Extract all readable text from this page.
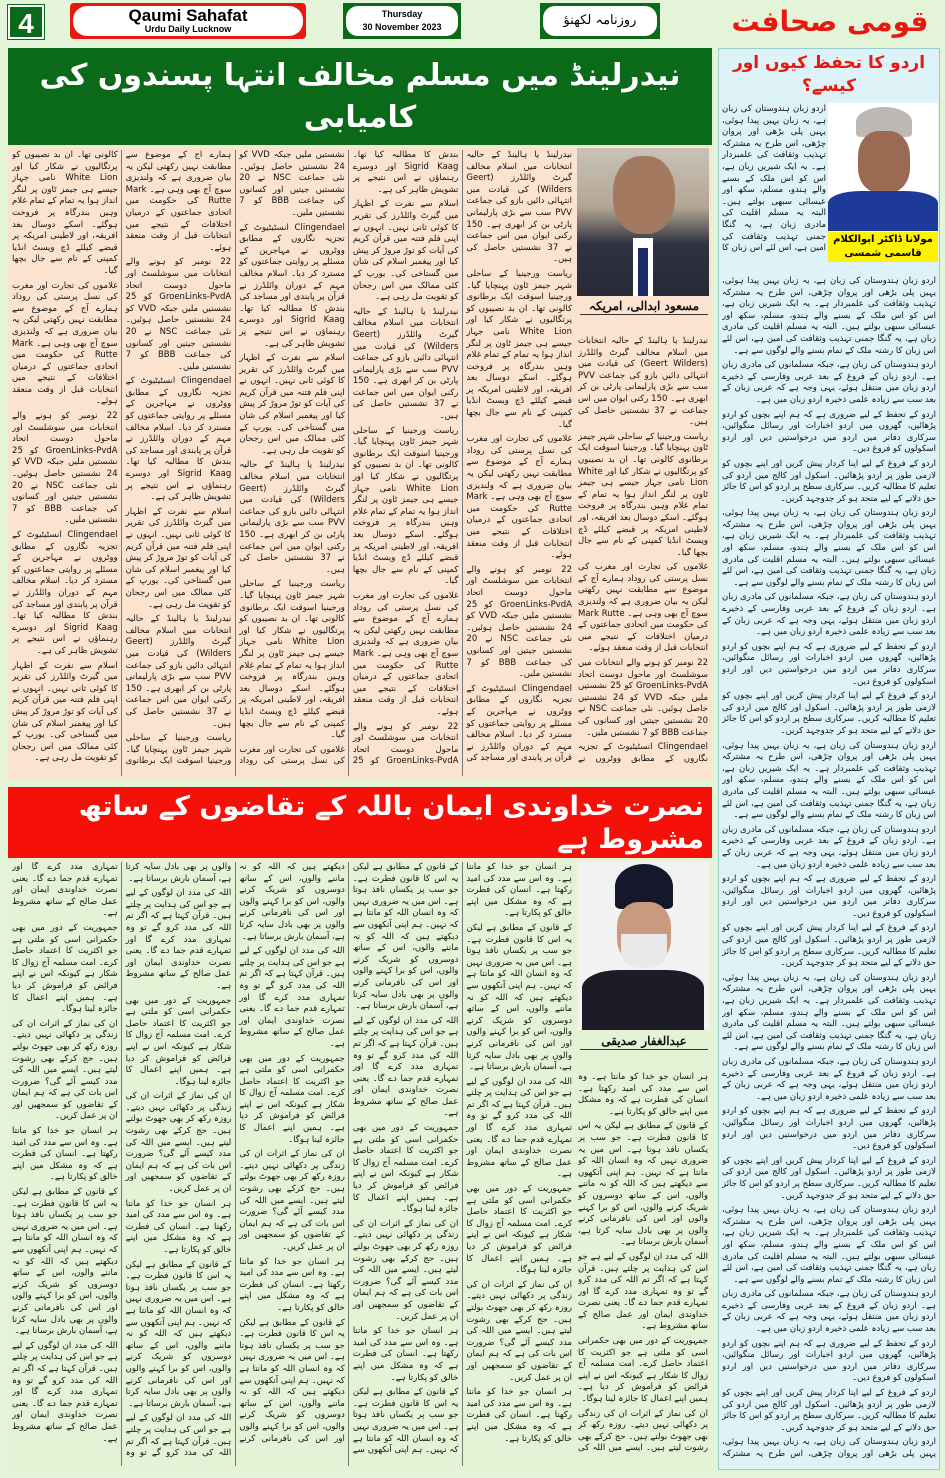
4	Qaumi Sahafat
Urdu Daily Lucknow
Thursday
30 November 2023	روزنامہ لکھنؤ	قومی صحافت
نیدرلینڈ میں مسلم مخالف انتہا پسندوں کی کامیابی
مسعود ابدالی، امریکہ

نیدرلینڈ یا ہالینڈ کے حالیہ انتخابات میں اسلام مخالف گیرٹ وائلڈرز (Geert Wilders) کی قیادت میں انتہائی دائیں بازو کی جماعت PVV سب سے بڑی پارلیمانی پارٹی بن کر ابھری ہے۔ 150 رکنی ایوان میں اس جماعت نے 37 نشستیں حاصل کی ہیں۔

ریاست ورجینیا کے ساحلی شہر جیمز ٹاون پہنچایا گیا۔ ورجینیا اسوقت ایک برطانوی کالونی تھا۔ ان بد نصیبوں کو پرتگالیوں نے شکار کیا اور White Lion نامی جہاز جیسے ہی جیمز ٹاون پر لنگر انداز ہوا یہ تمام کے تمام غلام وہیں بندرگاہ پر فروخت ہوگئے۔ اسکے دوسال بعد افریقہ، اور لاطینی امریکہ پر قبضے کیلئے ڈچ ویسٹ انڈیا کمپنی کے نام سے جال بچھا گیا۔

غلاموں کی تجارت اور مغرب کی نسل پرستی کی روداد ہمارے آج کے موضوع سے مطابقت نہیں رکھتی لیکن یہ بیان ضروری ہے کہ ولندیزی سوچ آج بھی وہی ہے۔ Mark Rutte کی حکومت میں اتحادی جماعتوں کے درمیان اختلافات کے نتیجے میں انتخابات قبل از وقت منعقد ہوئے۔

22 نومبر کو ہونے والے انتخابات میں سوشلسٹ اور ماحول دوست اتحاد GroenLinks-PvdA کو 25 نشستیں ملیں جبکہ VVD کو 24 نشستیں حاصل ہوئیں۔ نئی جماعت NSC نے 20 نشستیں جیتیں اور کسانوں کی جماعت BBB کو 7 نشستیں ملیں۔

Clingendael انسٹیٹیوٹ کے تجزیہ نگاروں کے مطابق ووٹروں نے

نیدرلینڈ یا ہالینڈ کے حالیہ انتخابات میں اسلام مخالف گیرٹ وائلڈرز (Geert Wilders) کی قیادت میں انتہائی دائیں بازو کی جماعت PVV سب سے بڑی پارلیمانی پارٹی بن کر ابھری ہے۔ 150 رکنی ایوان میں اس جماعت نے 37 نشستیں حاصل کی ہیں۔

ریاست ورجینیا کے ساحلی شہر جیمز ٹاون پہنچایا گیا۔ ورجینیا اسوقت ایک برطانوی کالونی تھا۔ ان بد نصیبوں کو پرتگالیوں نے شکار کیا اور White Lion نامی جہاز جیسے ہی جیمز ٹاون پر لنگر انداز ہوا یہ تمام کے تمام غلام وہیں بندرگاہ پر فروخت ہوگئے۔ اسکے دوسال بعد افریقہ، اور لاطینی امریکہ پر قبضے کیلئے ڈچ ویسٹ انڈیا کمپنی کے نام سے جال بچھا گیا۔

غلاموں کی تجارت اور مغرب کی نسل پرستی کی روداد ہمارے آج کے موضوع سے مطابقت نہیں رکھتی لیکن یہ بیان ضروری ہے کہ ولندیزی سوچ آج بھی وہی ہے۔ Mark Rutte کی حکومت میں اتحادی جماعتوں کے درمیان اختلافات کے نتیجے میں انتخابات قبل از وقت منعقد ہوئے۔

22 نومبر کو ہونے والے انتخابات میں سوشلسٹ اور ماحول دوست اتحاد GroenLinks-PvdA کو 25 نشستیں ملیں جبکہ VVD کو 24 نشستیں حاصل ہوئیں۔ نئی جماعت NSC نے 20 نشستیں جیتیں اور کسانوں کی جماعت BBB کو 7 نشستیں ملیں۔

Clingendael انسٹیٹیوٹ کے تجزیہ نگاروں کے مطابق ووٹروں نے مہاجرین کے مسئلے پر روایتی جماعتوں کو مسترد کر دیا۔ اسلام مخالف مہم کے دوران وائلڈرز نے قرآن پر پابندی اور مساجد کی بندش کا مطالبہ کیا تھا۔ Sigrid Kaag اور دوسرے رہنماؤں نے اس نتیجے پر تشویش ظاہر کی ہے۔

اسلام سے نفرت کے اظہار میں گیرٹ وائلڈرز کی تقریر کا کوئی ثانی نہیں۔ انہوں نے اپنی فلم فتنہ میں قرآن کریم کی آیات کو توڑ مروڑ کر پیش کیا اور پیغمبر اسلام کی شان میں گستاخی کی۔ یورپ کے کئی ممالک میں اس رجحان کو تقویت مل رہی ہے۔

نیدرلینڈ یا ہالینڈ کے حالیہ انتخابات میں اسلام مخالف گیرٹ وائلڈرز (Geert Wilders) کی قیادت میں انتہائی دائیں بازو کی جماعت PVV سب سے بڑی پارلیمانی پارٹی بن کر ابھری ہے۔ 150 رکنی ایوان میں اس جماعت نے 37 نشستیں حاصل کی ہیں۔

ریاست ورجینیا کے ساحلی شہر جیمز ٹاون پہنچایا گیا۔ ورجینیا اسوقت ایک برطانوی کالونی تھا۔ ان بد نصیبوں کو پرتگالیوں نے شکار کیا اور White Lion نامی جہاز جیسے ہی جیمز ٹاون پر لنگر انداز ہوا یہ تمام کے تمام غلام وہیں بندرگاہ پر فروخت ہوگئے۔ اسکے دوسال بعد افریقہ، اور لاطینی امریکہ پر قبضے کیلئے ڈچ ویسٹ انڈیا کمپنی کے نام سے جال بچھا گیا۔

غلاموں کی تجارت اور مغرب کی نسل پرستی کی روداد ہمارے آج کے موضوع سے مطابقت نہیں رکھتی لیکن یہ بیان ضروری ہے کہ ولندیزی سوچ آج بھی وہی ہے۔ Mark Rutte کی حکومت میں اتحادی جماعتوں کے درمیان اختلافات کے نتیجے میں انتخابات قبل از وقت منعقد ہوئے۔

22 نومبر کو ہونے والے انتخابات میں سوشلسٹ اور ماحول دوست اتحاد GroenLinks-PvdA کو 25 نشستیں ملیں جبکہ VVD کو 24 نشستیں حاصل ہوئیں۔ نئی جماعت NSC نے 20 نشستیں جیتیں اور کسانوں کی جماعت BBB کو 7 نشستیں ملیں۔

Clingendael انسٹیٹیوٹ کے تجزیہ نگاروں کے مطابق ووٹروں نے مہاجرین کے مسئلے پر روایتی جماعتوں کو مسترد کر دیا۔ اسلام مخالف مہم کے دوران وائلڈرز نے قرآن پر پابندی اور مساجد کی بندش کا مطالبہ کیا تھا۔ Sigrid Kaag اور دوسرے رہنماؤں نے اس نتیجے پر تشویش ظاہر کی ہے۔

اسلام سے نفرت کے اظہار میں گیرٹ وائلڈرز کی تقریر کا کوئی ثانی نہیں۔ انہوں نے اپنی فلم فتنہ میں قرآن کریم کی آیات کو توڑ مروڑ کر پیش کیا اور پیغمبر اسلام کی شان میں گستاخی کی۔ یورپ کے کئی ممالک میں اس رجحان کو تقویت مل رہی ہے۔

نیدرلینڈ یا ہالینڈ کے حالیہ انتخابات میں اسلام مخالف گیرٹ وائلڈرز (Geert Wilders) کی قیادت میں انتہائی دائیں بازو کی جماعت PVV سب سے بڑی پارلیمانی پارٹی بن کر ابھری ہے۔ 150 رکنی ایوان میں اس جماعت نے 37 نشستیں حاصل کی ہیں۔

ریاست ورجینیا کے ساحلی شہر جیمز ٹاون پہنچایا گیا۔ ورجینیا اسوقت ایک برطانوی کالونی تھا۔ ان بد نصیبوں کو پرتگالیوں نے شکار کیا اور White Lion نامی جہاز جیسے ہی جیمز ٹاون پر لنگر انداز ہوا یہ تمام کے تمام غلام وہیں بندرگاہ پر فروخت ہوگئے۔ اسکے دوسال بعد افریقہ، اور لاطینی امریکہ پر قبضے کیلئے ڈچ ویسٹ انڈیا کمپنی کے نام سے جال بچھا گیا۔

غلاموں کی تجارت اور مغرب کی نسل پرستی کی روداد ہمارے آج کے موضوع سے مطابقت نہیں رکھتی لیکن یہ بیان ضروری ہے کہ ولندیزی سوچ آج بھی وہی ہے۔ Mark Rutte کی حکومت میں اتحادی جماعتوں کے درمیان اختلافات کے نتیجے میں انتخابات قبل از وقت منعقد ہوئے۔

22 نومبر کو ہونے والے انتخابات میں سوشلسٹ اور ماحول دوست اتحاد GroenLinks-PvdA کو 25 نشستیں ملیں جبکہ VVD کو 24 نشستیں حاصل ہوئیں۔ نئی جماعت NSC نے 20 نشستیں جیتیں اور کسانوں کی جماعت BBB کو 7 نشستیں ملیں۔

Clingendael انسٹیٹیوٹ کے تجزیہ نگاروں کے مطابق ووٹروں نے مہاجرین کے مسئلے پر روایتی جماعتوں کو مسترد کر دیا۔ اسلام مخالف مہم کے دوران وائلڈرز نے قرآن پر پابندی اور مساجد کی بندش کا مطالبہ کیا تھا۔ Sigrid Kaag اور دوسرے رہنماؤں نے اس نتیجے پر تشویش ظاہر کی ہے۔

اسلام سے نفرت کے اظہار میں گیرٹ وائلڈرز کی تقریر کا کوئی ثانی نہیں۔ انہوں نے اپنی فلم فتنہ میں قرآن کریم کی آیات کو توڑ مروڑ کر پیش کیا اور پیغمبر اسلام کی شان میں گستاخی کی۔ یورپ کے کئی ممالک میں اس رجحان کو تقویت مل رہی ہے۔

نیدرلینڈ یا ہالینڈ کے حالیہ انتخابات میں اسلام مخالف گیرٹ وائلڈرز (Geert Wilders) کی قیادت میں انتہائی دائیں بازو کی جماعت PVV سب سے بڑی پارلیمانی پارٹی بن کر ابھری ہے۔ 150 رکنی ایوان میں اس جماعت نے 37 نشستیں حاصل کی ہیں۔

ریاست ورجینیا کے ساحلی شہر جیمز ٹاون پہنچایا گیا۔ ورجینیا اسوقت ایک برطانوی کالونی تھا۔ ان بد نصیبوں کو پرتگالیوں نے شکار کیا اور White Lion نامی جہاز جیسے ہی جیمز ٹاون پر لنگر انداز ہوا یہ تمام کے تمام غلام وہیں بندرگاہ پر فروخت ہوگئے۔ اسکے دوسال بعد افریقہ، اور لاطینی امریکہ پر قبضے کیلئے ڈچ ویسٹ انڈیا کمپنی کے نام سے جال بچھا گیا۔

غلاموں کی تجارت اور مغرب کی نسل پرستی کی روداد ہمارے آج کے موضوع سے مطابقت نہیں رکھتی لیکن یہ بیان ضروری ہے کہ ولندیزی سوچ آج بھی وہی ہے۔ Mark Rutte کی حکومت میں اتحادی جماعتوں کے درمیان اختلافات کے نتیجے میں انتخابات قبل از وقت منعقد ہوئے۔

22 نومبر کو ہونے والے انتخابات میں سوشلسٹ اور ماحول دوست اتحاد GroenLinks-PvdA کو 25 نشستیں ملیں جبکہ VVD کو 24 نشستیں حاصل ہوئیں۔ نئی جماعت NSC نے 20 نشستیں جیتیں اور کسانوں کی جماعت BBB کو 7 نشستیں ملیں۔

Clingendael انسٹیٹیوٹ کے تجزیہ نگاروں کے مطابق ووٹروں نے مہاجرین کے مسئلے پر روایتی جماعتوں کو مسترد کر دیا۔ اسلام مخالف مہم کے دوران وائلڈرز نے قرآن پر پابندی اور مساجد کی بندش کا مطالبہ کیا تھا۔ Sigrid Kaag اور دوسرے رہنماؤں نے اس نتیجے پر تشویش ظاہر کی ہے۔

اسلام سے نفرت کے اظہار میں گیرٹ وائلڈرز کی تقریر کا کوئی ثانی نہیں۔ انہوں نے اپنی فلم فتنہ میں قرآن کریم کی آیات کو توڑ مروڑ کر پیش کیا اور پیغمبر اسلام کی شان میں گستاخی کی۔ یورپ کے کئی ممالک میں اس رجحان کو تقویت مل رہی ہے۔

نصرت خداوندی ایمان باللہ کے تقاضوں کے ساتھ مشروط ہے
عبدالغفار صدیقی

ہر انسان جو خدا کو مانتا ہے۔ وہ اس سے مدد کی امید رکھتا ہے۔ انسان کی فطرت ہے کہ وہ مشکل میں اپنے خالق کو پکارتا ہے۔

کے قانون کے مطابق ہے لیکن یہ اس کا قانون فطرت ہے۔ جو سب پر یکساں نافذ ہوتا ہے۔ اس میں یہ ضروری نہیں کہ وہ انسان اللہ کو مانتا ہے کہ نہیں۔ ہم اپنی آنکھوں سے دیکھتے ہیں کہ اللہ کو نہ ماننے والوں، اس کے ساتھ دوسروں کو شریک کرنے والوں، اس کو برا کہنے والوں اور اس کی نافرمانی کرنے والوں پر بھی بادل سایہ کرتا ہے، آسمان بارش برساتا ہے۔

اللہ کی مدد ان لوگوں کے لیے ہے جو اس کی ہدایت پر چلتے ہیں۔ قرآن کہتا ہے کہ اگر تم اللہ کی مدد کرو گے تو وہ تمہاری مدد کرے گا اور تمہارے قدم جما دے گا۔ یعنی نصرت خداوندی ایمان اور عمل صالح کے ساتھ مشروط ہے۔

جمہوریت کے دور میں بھی حکمرانی اسی کو ملتی ہے جو اکثریت کا اعتماد حاصل کرے۔ امت مسلمہ آج زوال کا شکار ہے کیونکہ اس نے اپنے فرائض کو فراموش کر دیا ہے۔ ہمیں اپنے اعمال کا جائزہ لینا ہوگا۔

ان کی نماز کے اثرات ان کی زندگی پر دکھائی نہیں دیتے۔ روزہ رکھ کر بھی جھوٹ بولتے ہیں۔ حج کرکے بھی رشوت لیتے ہیں۔ ایسے میں اللہ کی

ہر انسان جو خدا کو مانتا ہے۔ وہ اس سے مدد کی امید رکھتا ہے۔ انسان کی فطرت ہے کہ وہ مشکل میں اپنے خالق کو پکارتا ہے۔

کے قانون کے مطابق ہے لیکن یہ اس کا قانون فطرت ہے۔ جو سب پر یکساں نافذ ہوتا ہے۔ اس میں یہ ضروری نہیں کہ وہ انسان اللہ کو مانتا ہے کہ نہیں۔ ہم اپنی آنکھوں سے دیکھتے ہیں کہ اللہ کو نہ ماننے والوں، اس کے ساتھ دوسروں کو شریک کرنے والوں، اس کو برا کہنے والوں اور اس کی نافرمانی کرنے والوں پر بھی بادل سایہ کرتا ہے، آسمان بارش برساتا ہے۔

اللہ کی مدد ان لوگوں کے لیے ہے جو اس کی ہدایت پر چلتے ہیں۔ قرآن کہتا ہے کہ اگر تم اللہ کی مدد کرو گے تو وہ تمہاری مدد کرے گا اور تمہارے قدم جما دے گا۔ یعنی نصرت خداوندی ایمان اور عمل صالح کے ساتھ مشروط ہے۔

جمہوریت کے دور میں بھی حکمرانی اسی کو ملتی ہے جو اکثریت کا اعتماد حاصل کرے۔ امت مسلمہ آج زوال کا شکار ہے کیونکہ اس نے اپنے فرائض کو فراموش کر دیا ہے۔ ہمیں اپنے اعمال کا جائزہ لینا ہوگا۔

ان کی نماز کے اثرات ان کی زندگی پر دکھائی نہیں دیتے۔ روزہ رکھ کر بھی جھوٹ بولتے ہیں۔ حج کرکے بھی رشوت لیتے ہیں۔ ایسے میں اللہ کی مدد کیسے آئے گی؟ ضرورت اس بات کی ہے کہ ہم ایمان کے تقاضوں کو سمجھیں اور ان پر عمل کریں۔

ہر انسان جو خدا کو مانتا ہے۔ وہ اس سے مدد کی امید رکھتا ہے۔ انسان کی فطرت ہے کہ وہ مشکل میں اپنے خالق کو پکارتا ہے۔

کے قانون کے مطابق ہے لیکن یہ اس کا قانون فطرت ہے۔ جو سب پر یکساں نافذ ہوتا ہے۔ اس میں یہ ضروری نہیں کہ وہ انسان اللہ کو مانتا ہے کہ نہیں۔ ہم اپنی آنکھوں سے دیکھتے ہیں کہ اللہ کو نہ ماننے والوں، اس کے ساتھ دوسروں کو شریک کرنے والوں، اس کو برا کہنے والوں اور اس کی نافرمانی کرنے والوں پر بھی بادل سایہ کرتا ہے، آسمان بارش برساتا ہے۔

اللہ کی مدد ان لوگوں کے لیے ہے جو اس کی ہدایت پر چلتے ہیں۔ قرآن کہتا ہے کہ اگر تم اللہ کی مدد کرو گے تو وہ تمہاری مدد کرے گا اور تمہارے قدم جما دے گا۔ یعنی نصرت خداوندی ایمان اور عمل صالح کے ساتھ مشروط ہے۔

جمہوریت کے دور میں بھی حکمرانی اسی کو ملتی ہے جو اکثریت کا اعتماد حاصل کرے۔ امت مسلمہ آج زوال کا شکار ہے کیونکہ اس نے اپنے فرائض کو فراموش کر دیا ہے۔ ہمیں اپنے اعمال کا جائزہ لینا ہوگا۔

ان کی نماز کے اثرات ان کی زندگی پر دکھائی نہیں دیتے۔ روزہ رکھ کر بھی جھوٹ بولتے ہیں۔ حج کرکے بھی رشوت لیتے ہیں۔ ایسے میں اللہ کی مدد کیسے آئے گی؟ ضرورت اس بات کی ہے کہ ہم ایمان کے تقاضوں کو سمجھیں اور ان پر عمل کریں۔

ہر انسان جو خدا کو مانتا ہے۔ وہ اس سے مدد کی امید رکھتا ہے۔ انسان کی فطرت ہے کہ وہ مشکل میں اپنے خالق کو پکارتا ہے۔

کے قانون کے مطابق ہے لیکن یہ اس کا قانون فطرت ہے۔ جو سب پر یکساں نافذ ہوتا ہے۔ اس میں یہ ضروری نہیں کہ وہ انسان اللہ کو مانتا ہے کہ نہیں۔ ہم اپنی آنکھوں سے دیکھتے ہیں کہ اللہ کو نہ ماننے والوں، اس کے ساتھ دوسروں کو شریک کرنے والوں، اس کو برا کہنے والوں اور اس کی نافرمانی کرنے والوں پر بھی بادل سایہ کرتا ہے، آسمان بارش برساتا ہے۔

اللہ کی مدد ان لوگوں کے لیے ہے جو اس کی ہدایت پر چلتے ہیں۔ قرآن کہتا ہے کہ اگر تم اللہ کی مدد کرو گے تو وہ تمہاری مدد کرے گا اور تمہارے قدم جما دے گا۔ یعنی نصرت خداوندی ایمان اور عمل صالح کے ساتھ مشروط ہے۔

جمہوریت کے دور میں بھی حکمرانی اسی کو ملتی ہے جو اکثریت کا اعتماد حاصل کرے۔ امت مسلمہ آج زوال کا شکار ہے کیونکہ اس نے اپنے فرائض کو فراموش کر دیا ہے۔ ہمیں اپنے اعمال کا جائزہ لینا ہوگا۔

ان کی نماز کے اثرات ان کی زندگی پر دکھائی نہیں دیتے۔ روزہ رکھ کر بھی جھوٹ بولتے ہیں۔ حج کرکے بھی رشوت لیتے ہیں۔ ایسے میں اللہ کی مدد کیسے آئے گی؟ ضرورت اس بات کی ہے کہ ہم ایمان کے تقاضوں کو سمجھیں اور ان پر عمل کریں۔

ہر انسان جو خدا کو مانتا ہے۔ وہ اس سے مدد کی امید رکھتا ہے۔ انسان کی فطرت ہے کہ وہ مشکل میں اپنے خالق کو پکارتا ہے۔

کے قانون کے مطابق ہے لیکن یہ اس کا قانون فطرت ہے۔ جو سب پر یکساں نافذ ہوتا ہے۔ اس میں یہ ضروری نہیں کہ وہ انسان اللہ کو مانتا ہے کہ نہیں۔ ہم اپنی آنکھوں سے دیکھتے ہیں کہ اللہ کو نہ ماننے والوں، اس کے ساتھ دوسروں کو شریک کرنے والوں، اس کو برا کہنے والوں اور اس کی نافرمانی کرنے والوں پر بھی بادل سایہ کرتا ہے، آسمان بارش برساتا ہے۔

اللہ کی مدد ان لوگوں کے لیے ہے جو اس کی ہدایت پر چلتے ہیں۔ قرآن کہتا ہے کہ اگر تم اللہ کی مدد کرو گے تو وہ تمہاری مدد کرے گا اور تمہارے قدم جما دے گا۔ یعنی نصرت خداوندی ایمان اور عمل صالح کے ساتھ مشروط ہے۔

جمہوریت کے دور میں بھی حکمرانی اسی کو ملتی ہے جو اکثریت کا اعتماد حاصل کرے۔ امت مسلمہ آج زوال کا شکار ہے کیونکہ اس نے اپنے فرائض کو فراموش کر دیا ہے۔ ہمیں اپنے اعمال کا جائزہ لینا ہوگا۔

ان کی نماز کے اثرات ان کی زندگی پر دکھائی نہیں دیتے۔ روزہ رکھ کر بھی جھوٹ بولتے ہیں۔ حج کرکے بھی رشوت لیتے ہیں۔ ایسے میں اللہ کی مدد کیسے آئے گی؟ ضرورت اس بات کی ہے کہ ہم ایمان کے تقاضوں کو سمجھیں اور ان پر عمل کریں۔

ہر انسان جو خدا کو مانتا ہے۔ وہ اس سے مدد کی امید رکھتا ہے۔ انسان کی فطرت ہے کہ وہ مشکل میں اپنے خالق کو پکارتا ہے۔

کے قانون کے مطابق ہے لیکن یہ اس کا قانون فطرت ہے۔ جو سب پر یکساں نافذ ہوتا ہے۔ اس میں یہ ضروری نہیں کہ وہ انسان اللہ کو مانتا ہے کہ نہیں۔ ہم اپنی آنکھوں سے دیکھتے ہیں کہ اللہ کو نہ ماننے والوں، اس کے ساتھ دوسروں کو شریک کرنے والوں، اس کو برا کہنے والوں اور اس کی نافرمانی کرنے والوں پر بھی بادل سایہ کرتا ہے، آسمان بارش برساتا ہے۔

اللہ کی مدد ان لوگوں کے لیے ہے جو اس کی ہدایت پر چلتے ہیں۔ قرآن کہتا ہے کہ اگر تم اللہ کی مدد کرو گے تو وہ تمہاری مدد کرے گا اور تمہارے قدم جما دے گا۔ یعنی نصرت خداوندی ایمان اور عمل صالح کے ساتھ مشروط ہے۔

جمہوریت کے دور میں بھی حکمرانی اسی کو ملتی ہے جو اکثریت کا اعتماد حاصل کرے۔ امت مسلمہ آج زوال کا شکار ہے کیونکہ اس نے اپنے فرائض کو فراموش کر دیا ہے۔ ہمیں اپنے اعمال کا جائزہ لینا ہوگا۔

ان کی نماز کے اثرات ان کی زندگی پر دکھائی نہیں دیتے۔ روزہ رکھ کر بھی جھوٹ بولتے ہیں۔ حج کرکے بھی رشوت لیتے ہیں۔ ایسے میں اللہ کی مدد کیسے آئے گی؟ ضرورت اس بات کی ہے کہ ہم ایمان کے تقاضوں کو سمجھیں اور ان پر عمل کریں۔

ہر انسان جو خدا کو مانتا ہے۔ وہ اس سے مدد کی امید رکھتا ہے۔ انسان کی فطرت ہے کہ وہ مشکل میں اپنے خالق کو پکارتا ہے۔

کے قانون کے مطابق ہے لیکن یہ اس کا قانون فطرت ہے۔ جو سب پر یکساں نافذ ہوتا ہے۔ اس میں یہ ضروری نہیں کہ وہ انسان اللہ کو مانتا ہے کہ نہیں۔ ہم اپنی آنکھوں سے دیکھتے ہیں کہ اللہ کو نہ ماننے والوں، اس کے ساتھ دوسروں کو شریک کرنے والوں، اس کو برا کہنے والوں اور اس کی نافرمانی کرنے والوں پر بھی بادل سایہ کرتا ہے، آسمان بارش برساتا ہے۔

اللہ کی مدد ان لوگوں کے لیے ہے جو اس کی ہدایت پر چلتے ہیں۔ قرآن کہتا ہے کہ اگر تم اللہ کی مدد کرو گے تو وہ تمہاری مدد کرے گا اور تمہارے قدم جما دے گا۔ یعنی نصرت خداوندی ایمان اور عمل صالح کے ساتھ مشروط ہے۔

اردو کا تحفظ کیوں اور کیسے؟
مولانا ڈاکٹر ابوالکلام قاسمی شمسی

اردو زبان ہندوستان کی زبان ہے، یہ زبان یہیں پیدا ہوئی، یہیں پلی بڑھی اور پروان چڑھی، اس طرح یہ مشترکہ تہذیب وثقافت کی علمبردار ہے۔ یہ ایک شیریں زبان ہے، اس کو اس ملک کے بسنے والے ہندو، مسلم، سکھ اور عیسائی سبھی بولتے ہیں۔ البتہ یہ مسلم اقلیت کی مادری زبان ہے، یہ گنگا جمنی تہذیب وثقافت کی امین ہے، اس لئے اس زبان کا

اردو زبان ہندوستان کی زبان ہے، یہ زبان یہیں پیدا ہوئی، یہیں پلی بڑھی اور پروان چڑھی، اس طرح یہ مشترکہ تہذیب وثقافت کی علمبردار ہے۔ یہ ایک شیریں زبان ہے، اس کو اس ملک کے بسنے والے ہندو، مسلم، سکھ اور عیسائی سبھی بولتے ہیں۔ البتہ یہ مسلم اقلیت کی مادری زبان ہے، یہ گنگا جمنی تہذیب وثقافت کی امین ہے، اس لئے اس زبان کا رشتہ ملک کے تمام بسنے والے لوگوں سے ہے۔

اردو ہندوستان کی زبان ہے، جبکہ مسلمانوں کی مادری زبان ہے۔ اردو زبان کے فروغ کے بعد عربی وفارسی کے ذخیرے اردو زبان میں منتقل ہوئے، یہی وجہ ہے کہ عربی زبان کے بعد سب سے زیادہ علمی ذخیرہ اردو زبان میں ہے۔

اردو کے تحفظ کے لیے ضروری ہے کہ ہم اپنے بچوں کو اردو پڑھائیں، گھروں میں اردو اخبارات اور رسائل منگوائیں، سرکاری دفاتر میں اردو میں درخواستیں دیں اور اردو اسکولوں کو فروغ دیں۔

اردو کے فروغ کے لیے اپنا کردار پیش کریں اور اپنے بچوں کو لازمی طور پر اردو پڑھائیں۔ اسکول اور کالج میں اردو کی تعلیم کا مطالبہ کریں۔ سرکاری سطح پر اردو کو اس کا جائز حق دلانے کے لیے متحد ہو کر جدوجہد کریں۔

اردو زبان ہندوستان کی زبان ہے، یہ زبان یہیں پیدا ہوئی، یہیں پلی بڑھی اور پروان چڑھی، اس طرح یہ مشترکہ تہذیب وثقافت کی علمبردار ہے۔ یہ ایک شیریں زبان ہے، اس کو اس ملک کے بسنے والے ہندو، مسلم، سکھ اور عیسائی سبھی بولتے ہیں۔ البتہ یہ مسلم اقلیت کی مادری زبان ہے، یہ گنگا جمنی تہذیب وثقافت کی امین ہے، اس لئے اس زبان کا رشتہ ملک کے تمام بسنے والے لوگوں سے ہے۔

اردو ہندوستان کی زبان ہے، جبکہ مسلمانوں کی مادری زبان ہے۔ اردو زبان کے فروغ کے بعد عربی وفارسی کے ذخیرے اردو زبان میں منتقل ہوئے، یہی وجہ ہے کہ عربی زبان کے بعد سب سے زیادہ علمی ذخیرہ اردو زبان میں ہے۔

اردو کے تحفظ کے لیے ضروری ہے کہ ہم اپنے بچوں کو اردو پڑھائیں، گھروں میں اردو اخبارات اور رسائل منگوائیں، سرکاری دفاتر میں اردو میں درخواستیں دیں اور اردو اسکولوں کو فروغ دیں۔

اردو کے فروغ کے لیے اپنا کردار پیش کریں اور اپنے بچوں کو لازمی طور پر اردو پڑھائیں۔ اسکول اور کالج میں اردو کی تعلیم کا مطالبہ کریں۔ سرکاری سطح پر اردو کو اس کا جائز حق دلانے کے لیے متحد ہو کر جدوجہد کریں۔

اردو زبان ہندوستان کی زبان ہے، یہ زبان یہیں پیدا ہوئی، یہیں پلی بڑھی اور پروان چڑھی، اس طرح یہ مشترکہ تہذیب وثقافت کی علمبردار ہے۔ یہ ایک شیریں زبان ہے، اس کو اس ملک کے بسنے والے ہندو، مسلم، سکھ اور عیسائی سبھی بولتے ہیں۔ البتہ یہ مسلم اقلیت کی مادری زبان ہے، یہ گنگا جمنی تہذیب وثقافت کی امین ہے، اس لئے اس زبان کا رشتہ ملک کے تمام بسنے والے لوگوں سے ہے۔

اردو ہندوستان کی زبان ہے، جبکہ مسلمانوں کی مادری زبان ہے۔ اردو زبان کے فروغ کے بعد عربی وفارسی کے ذخیرے اردو زبان میں منتقل ہوئے، یہی وجہ ہے کہ عربی زبان کے بعد سب سے زیادہ علمی ذخیرہ اردو زبان میں ہے۔

اردو کے تحفظ کے لیے ضروری ہے کہ ہم اپنے بچوں کو اردو پڑھائیں، گھروں میں اردو اخبارات اور رسائل منگوائیں، سرکاری دفاتر میں اردو میں درخواستیں دیں اور اردو اسکولوں کو فروغ دیں۔

اردو کے فروغ کے لیے اپنا کردار پیش کریں اور اپنے بچوں کو لازمی طور پر اردو پڑھائیں۔ اسکول اور کالج میں اردو کی تعلیم کا مطالبہ کریں۔ سرکاری سطح پر اردو کو اس کا جائز حق دلانے کے لیے متحد ہو کر جدوجہد کریں۔

اردو زبان ہندوستان کی زبان ہے، یہ زبان یہیں پیدا ہوئی، یہیں پلی بڑھی اور پروان چڑھی، اس طرح یہ مشترکہ تہذیب وثقافت کی علمبردار ہے۔ یہ ایک شیریں زبان ہے، اس کو اس ملک کے بسنے والے ہندو، مسلم، سکھ اور عیسائی سبھی بولتے ہیں۔ البتہ یہ مسلم اقلیت کی مادری زبان ہے، یہ گنگا جمنی تہذیب وثقافت کی امین ہے، اس لئے اس زبان کا رشتہ ملک کے تمام بسنے والے لوگوں سے ہے۔

اردو ہندوستان کی زبان ہے، جبکہ مسلمانوں کی مادری زبان ہے۔ اردو زبان کے فروغ کے بعد عربی وفارسی کے ذخیرے اردو زبان میں منتقل ہوئے، یہی وجہ ہے کہ عربی زبان کے بعد سب سے زیادہ علمی ذخیرہ اردو زبان میں ہے۔

اردو کے تحفظ کے لیے ضروری ہے کہ ہم اپنے بچوں کو اردو پڑھائیں، گھروں میں اردو اخبارات اور رسائل منگوائیں، سرکاری دفاتر میں اردو میں درخواستیں دیں اور اردو اسکولوں کو فروغ دیں۔

اردو کے فروغ کے لیے اپنا کردار پیش کریں اور اپنے بچوں کو لازمی طور پر اردو پڑھائیں۔ اسکول اور کالج میں اردو کی تعلیم کا مطالبہ کریں۔ سرکاری سطح پر اردو کو اس کا جائز حق دلانے کے لیے متحد ہو کر جدوجہد کریں۔

اردو زبان ہندوستان کی زبان ہے، یہ زبان یہیں پیدا ہوئی، یہیں پلی بڑھی اور پروان چڑھی، اس طرح یہ مشترکہ تہذیب وثقافت کی علمبردار ہے۔ یہ ایک شیریں زبان ہے، اس کو اس ملک کے بسنے والے ہندو، مسلم، سکھ اور عیسائی سبھی بولتے ہیں۔ البتہ یہ مسلم اقلیت کی مادری زبان ہے، یہ گنگا جمنی تہذیب وثقافت کی امین ہے، اس لئے اس زبان کا رشتہ ملک کے تمام بسنے والے لوگوں سے ہے۔

اردو ہندوستان کی زبان ہے، جبکہ مسلمانوں کی مادری زبان ہے۔ اردو زبان کے فروغ کے بعد عربی وفارسی کے ذخیرے اردو زبان میں منتقل ہوئے، یہی وجہ ہے کہ عربی زبان کے بعد سب سے زیادہ علمی ذخیرہ اردو زبان میں ہے۔

اردو کے تحفظ کے لیے ضروری ہے کہ ہم اپنے بچوں کو اردو پڑھائیں، گھروں میں اردو اخبارات اور رسائل منگوائیں، سرکاری دفاتر میں اردو میں درخواستیں دیں اور اردو اسکولوں کو فروغ دیں۔

اردو کے فروغ کے لیے اپنا کردار پیش کریں اور اپنے بچوں کو لازمی طور پر اردو پڑھائیں۔ اسکول اور کالج میں اردو کی تعلیم کا مطالبہ کریں۔ سرکاری سطح پر اردو کو اس کا جائز حق دلانے کے لیے متحد ہو کر جدوجہد کریں۔

اردو زبان ہندوستان کی زبان ہے، یہ زبان یہیں پیدا ہوئی، یہیں پلی بڑھی اور پروان چڑھی، اس طرح یہ مشترکہ
